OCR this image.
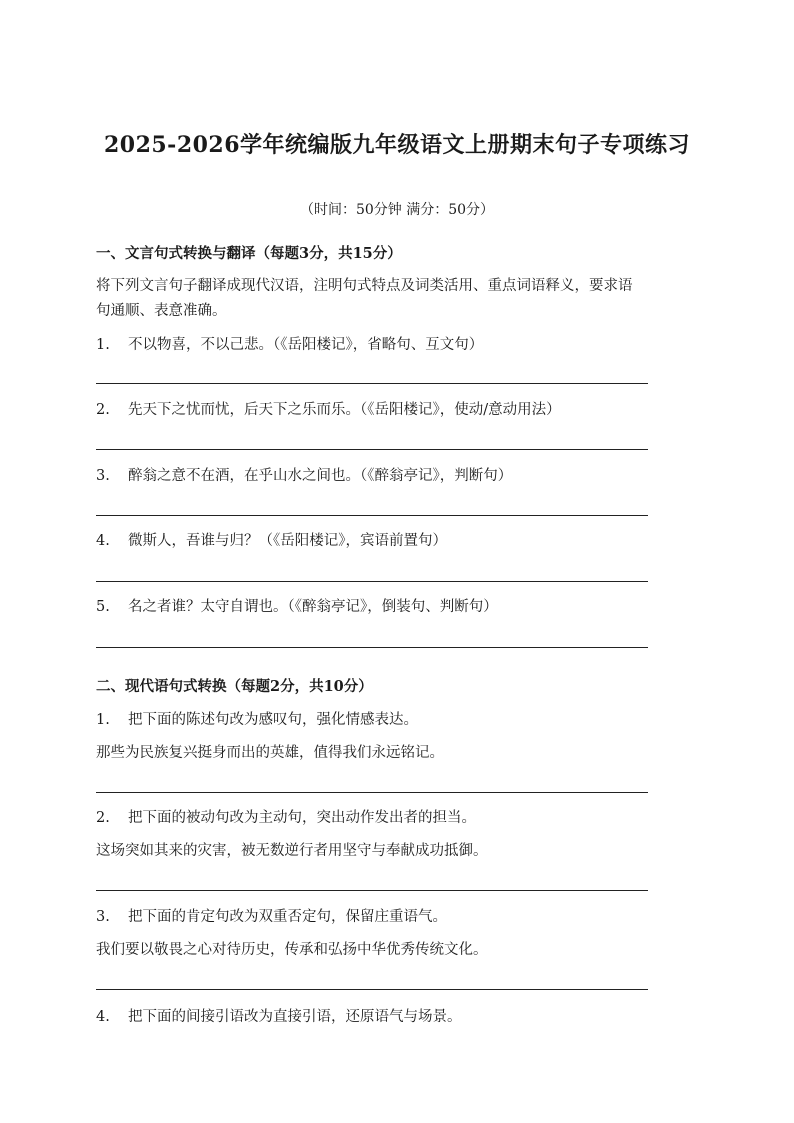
2025-2026学年统编版九年级语文上册期末句子专项练习
（时间：50分钟 满分：50分）
一、文言句式转换与翻译（每题3分，共15分）
将下列文言句子翻译成现代汉语，注明句式特点及词类活用、重点词语释义，要求语
句通顺、表意准确。
1. 不以物喜，不以己悲。（《岳阳楼记》，省略句、互文句）
2. 先天下之忧而忧，后天下之乐而乐。（《岳阳楼记》，使动/意动用法）
3. 醉翁之意不在酒，在乎山水之间也。（《醉翁亭记》，判断句）
4. 微斯人，吾谁与归？（《岳阳楼记》，宾语前置句）
5. 名之者谁？太守自谓也。（《醉翁亭记》，倒装句、判断句）
二、现代语句式转换（每题2分，共10分）
1. 把下面的陈述句改为感叹句，强化情感表达。
那些为民族复兴挺身而出的英雄，值得我们永远铭记。
2. 把下面的被动句改为主动句，突出动作发出者的担当。
这场突如其来的灾害，被无数逆行者用坚守与奉献成功抵御。
3. 把下面的肯定句改为双重否定句，保留庄重语气。
我们要以敬畏之心对待历史，传承和弘扬中华优秀传统文化。
4. 把下面的间接引语改为直接引语，还原语气与场景。
